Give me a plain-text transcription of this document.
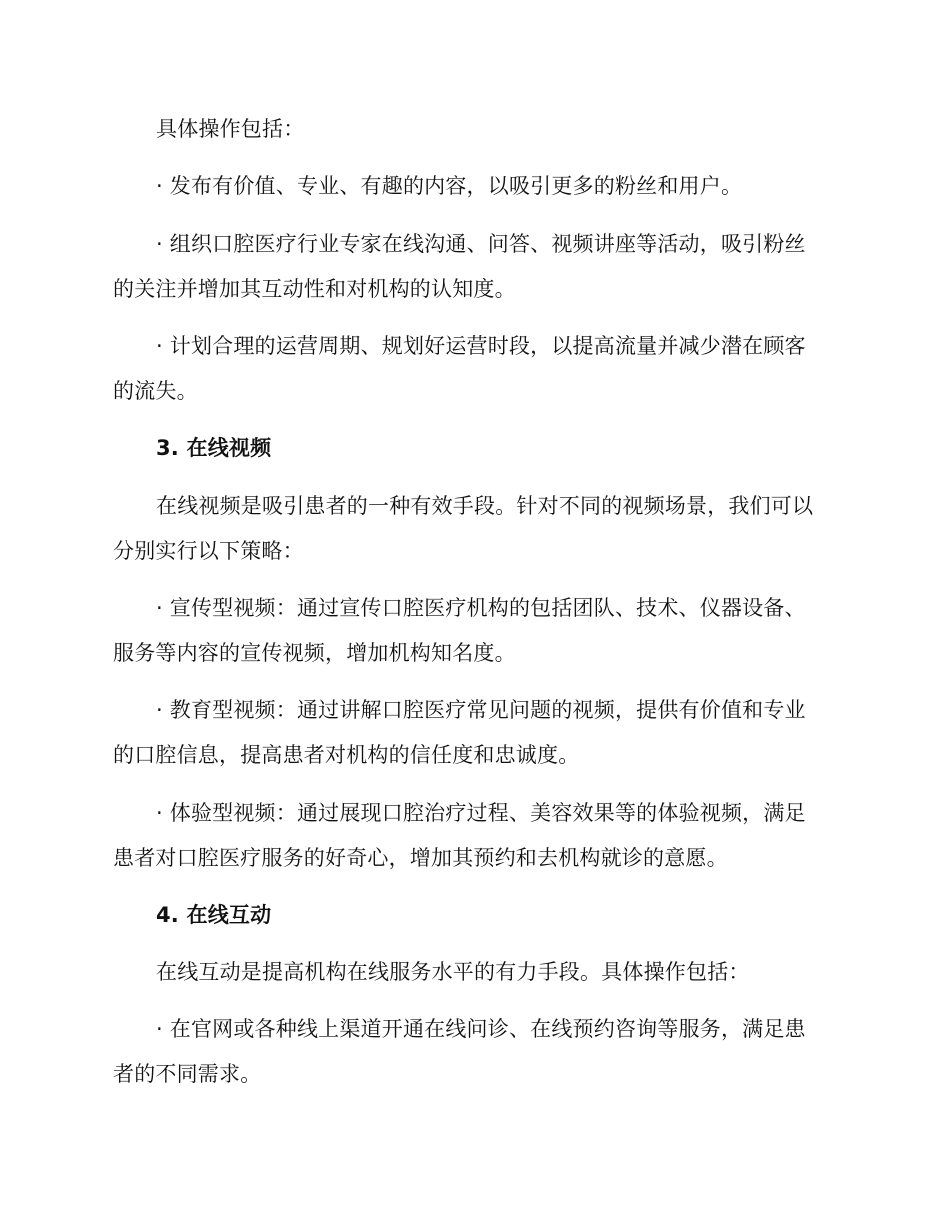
具体操作包括：
· 发布有价值、专业、有趣的内容，以吸引更多的粉丝和用户。
· 组织口腔医疗行业专家在线沟通、问答、视频讲座等活动，吸引粉丝
的关注并增加其互动性和对机构的认知度。
· 计划合理的运营周期、规划好运营时段，以提高流量并减少潜在顾客
的流失。
3. 在线视频
在线视频是吸引患者的一种有效手段。针对不同的视频场景，我们可以
分别实行以下策略：
· 宣传型视频：通过宣传口腔医疗机构的包括团队、技术、仪器设备、
服务等内容的宣传视频，增加机构知名度。
· 教育型视频：通过讲解口腔医疗常见问题的视频，提供有价值和专业
的口腔信息，提高患者对机构的信任度和忠诚度。
· 体验型视频：通过展现口腔治疗过程、美容效果等的体验视频，满足
患者对口腔医疗服务的好奇心，增加其预约和去机构就诊的意愿。
4. 在线互动
在线互动是提高机构在线服务水平的有力手段。具体操作包括：
· 在官网或各种线上渠道开通在线问诊、在线预约咨询等服务，满足患
者的不同需求。
